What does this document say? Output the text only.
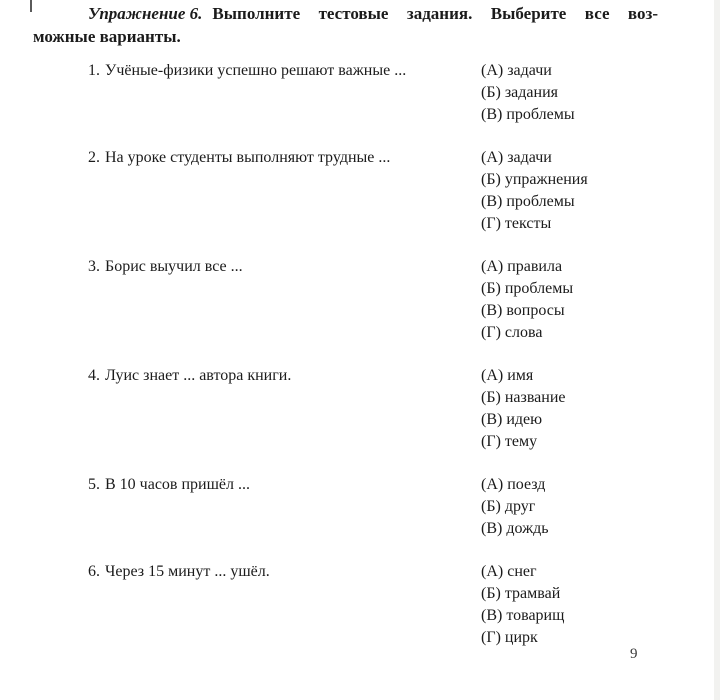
Упражнение 6. Выполните тестовые задания. Выберите все воз-
можные варианты.
1. Учёные-физики успешно решают важные ...	(А) задачи
(Б) задания
(В) проблемы
2. На уроке студенты выполняют трудные ...	(А) задачи
(Б) упражнения
(В) проблемы
(Г) тексты
3. Борис выучил все ...	(А) правила
(Б) проблемы
(В) вопросы
(Г) слова
4. Луис знает ... автора книги.	(А) имя
(Б) название
(В) идею
(Г) тему
5. В 10 часов пришёл ...	(А) поезд
(Б) друг
(В) дождь
6. Через 15 минут ... ушёл.	(А) снег
(Б) трамвай
(В) товарищ
(Г) цирк
9
